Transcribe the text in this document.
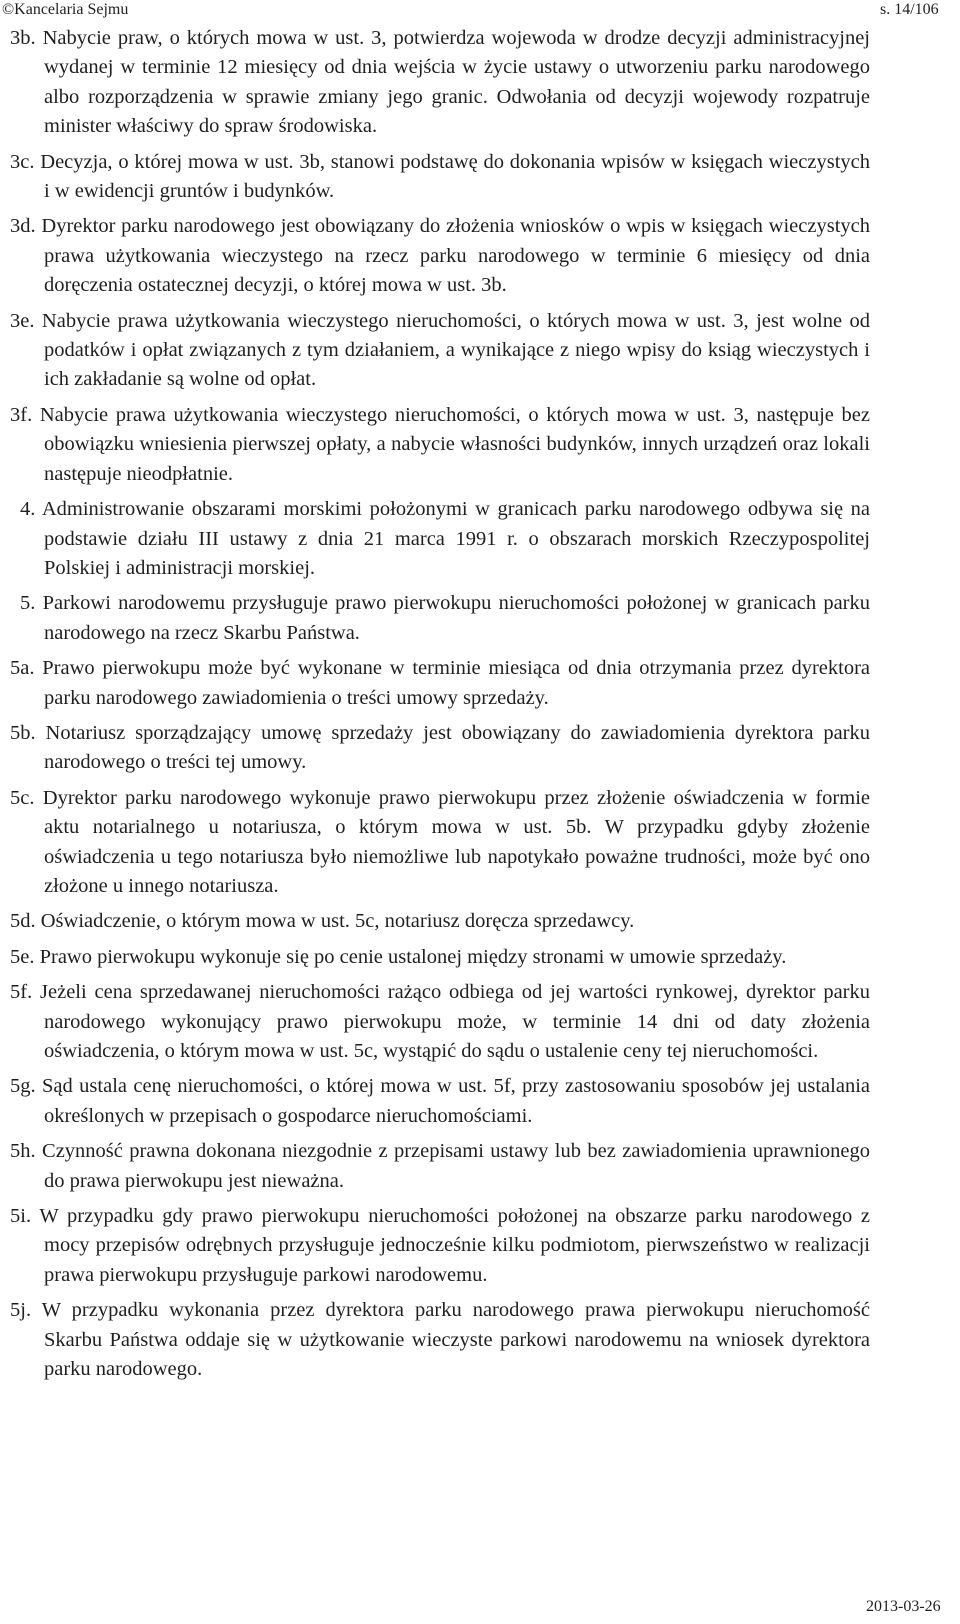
©Kancelaria Sejmu	s. 14/106

3b. Nabycie praw, o których mowa w ust. 3, potwierdza wojewoda w drodze decyzji administracyjnej wydanej w terminie 12 miesięcy od dnia wejścia w życie ustawy o utworzeniu parku narodowego albo rozporządzenia w sprawie zmiany jego granic. Odwołania od decyzji wojewody rozpatruje minister właściwy do spraw środowiska.

3c. Decyzja, o której mowa w ust. 3b, stanowi podstawę do dokonania wpisów w księgach wieczystych i w ewidencji gruntów i budynków.

3d. Dyrektor parku narodowego jest obowiązany do złożenia wniosków o wpis w księgach wieczystych prawa użytkowania wieczystego na rzecz parku narodowego w terminie 6 miesięcy od dnia doręczenia ostatecznej decyzji, o której mowa w ust. 3b.

3e. Nabycie prawa użytkowania wieczystego nieruchomości, o których mowa w ust. 3, jest wolne od podatków i opłat związanych z tym działaniem, a wynikające z niego wpisy do ksiąg wieczystych i ich zakładanie są wolne od opłat.

3f. Nabycie prawa użytkowania wieczystego nieruchomości, o których mowa w ust. 3, następuje bez obowiązku wniesienia pierwszej opłaty, a nabycie własności budynków, innych urządzeń oraz lokali następuje nieodpłatnie.

4. Administrowanie obszarami morskimi położonymi w granicach parku narodowego odbywa się na podstawie działu III ustawy z dnia 21 marca 1991 r. o obszarach morskich Rzeczypospolitej Polskiej i administracji morskiej.

5. Parkowi narodowemu przysługuje prawo pierwokupu nieruchomości położonej w granicach parku narodowego na rzecz Skarbu Państwa.

5a. Prawo pierwokupu może być wykonane w terminie miesiąca od dnia otrzymania przez dyrektora parku narodowego zawiadomienia o treści umowy sprzedaży.

5b. Notariusz sporządzający umowę sprzedaży jest obowiązany do zawiadomienia dyrektora parku narodowego o treści tej umowy.

5c. Dyrektor parku narodowego wykonuje prawo pierwokupu przez złożenie oświadczenia w formie aktu notarialnego u notariusza, o którym mowa w ust. 5b. W przypadku gdyby złożenie oświadczenia u tego notariusza było niemożliwe lub napotykało poważne trudności, może być ono złożone u innego notariusza.

5d. Oświadczenie, o którym mowa w ust. 5c, notariusz doręcza sprzedawcy.

5e. Prawo pierwokupu wykonuje się po cenie ustalonej między stronami w umowie sprzedaży.

5f. Jeżeli cena sprzedawanej nieruchomości rażąco odbiega od jej wartości rynkowej, dyrektor parku narodowego wykonujący prawo pierwokupu może, w terminie 14 dni od daty złożenia oświadczenia, o którym mowa w ust. 5c, wystąpić do sądu o ustalenie ceny tej nieruchomości.

5g. Sąd ustala cenę nieruchomości, o której mowa w ust. 5f, przy zastosowaniu sposobów jej ustalania określonych w przepisach o gospodarce nieruchomościami.

5h. Czynność prawna dokonana niezgodnie z przepisami ustawy lub bez zawiadomienia uprawnionego do prawa pierwokupu jest nieważna.

5i. W przypadku gdy prawo pierwokupu nieruchomości położonej na obszarze parku narodowego z mocy przepisów odrębnych przysługuje jednocześnie kilku podmiotom, pierwszeństwo w realizacji prawa pierwokupu przysługuje parkowi narodowemu.

5j. W przypadku wykonania przez dyrektora parku narodowego prawa pierwokupu nieruchomość Skarbu Państwa oddaje się w użytkowanie wieczyste parkowi narodowemu na wniosek dyrektora parku narodowego.

2013-03-26
